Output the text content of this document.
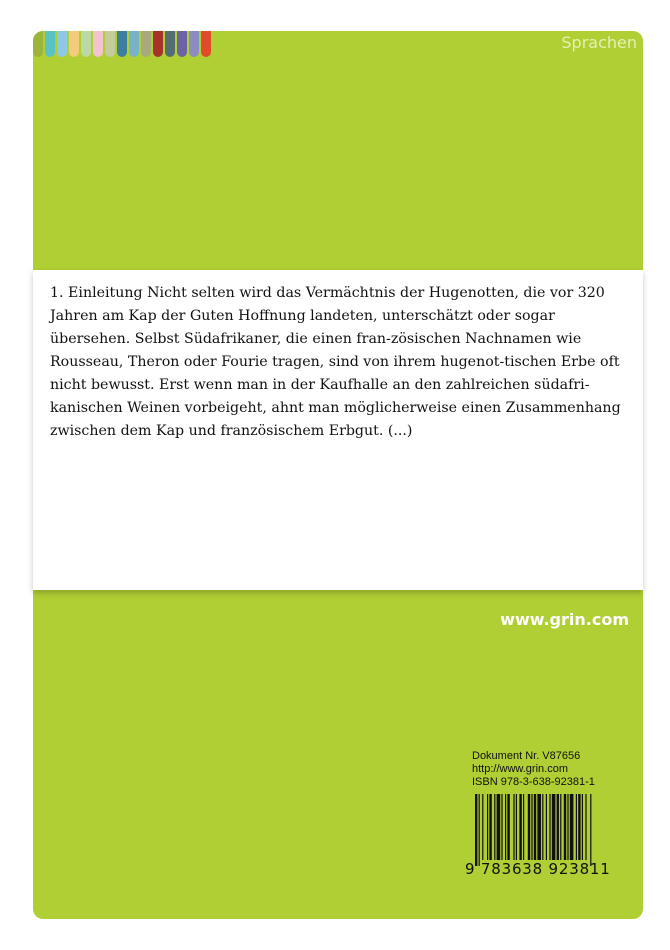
Sprachen
www.grin.com
Dokument Nr. V87656
http://www.grin.com
ISBN 978-3-638-92381-1
9 783638 923811

1. Einleitung Nicht selten wird das Vermächtnis der Hugenotten, die vor 320 Jahren am Kap der Guten Hoffnung landeten, unterschätzt oder sogar übersehen. Selbst Südafrikaner, die einen fran-zösischen Nachnamen wie Rousseau, Theron oder Fourie tragen, sind von ihrem hugenot-tischen Erbe oft nicht bewusst. Erst wenn man in der Kaufhalle an den zahlreichen südafri-kanischen Weinen vorbeigeht, ahnt man möglicherweise einen Zusammenhang zwischen dem Kap und französischem Erbgut. (...)
